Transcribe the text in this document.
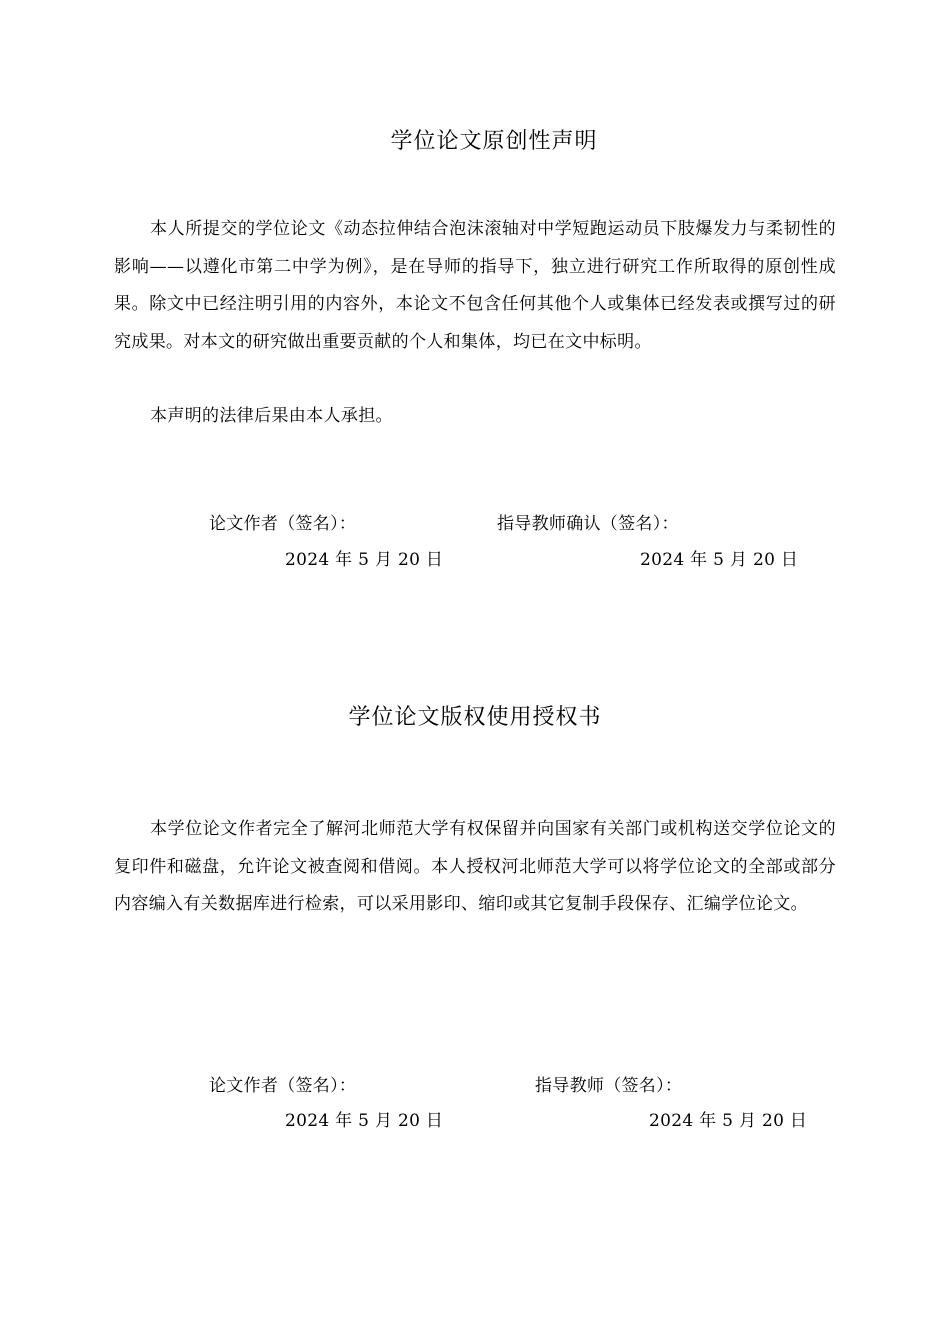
学位论文原创性声明

本人所提交的学位论文《动态拉伸结合泡沫滚轴对中学短跑运动员下肢爆发力与柔韧性的影响——以遵化市第二中学为例》，是在导师的指导下，独立进行研究工作所取得的原创性成果。除文中已经注明引用的内容外，本论文不包含任何其他个人或集体已经发表或撰写过的研究成果。对本文的研究做出重要贡献的个人和集体，均已在文中标明。

本声明的法律后果由本人承担。

论文作者（签名）：	指导教师确认（签名）：
2024 年 5 月 20 日	2024 年 5 月 20 日
学位论文版权使用授权书

本学位论文作者完全了解河北师范大学有权保留并向国家有关部门或机构送交学位论文的复印件和磁盘，允许论文被查阅和借阅。本人授权河北师范大学可以将学位论文的全部或部分内容编入有关数据库进行检索，可以采用影印、缩印或其它复制手段保存、汇编学位论文。

论文作者（签名）：	指导教师（签名）：
2024 年 5 月 20 日	2024 年 5 月 20 日
